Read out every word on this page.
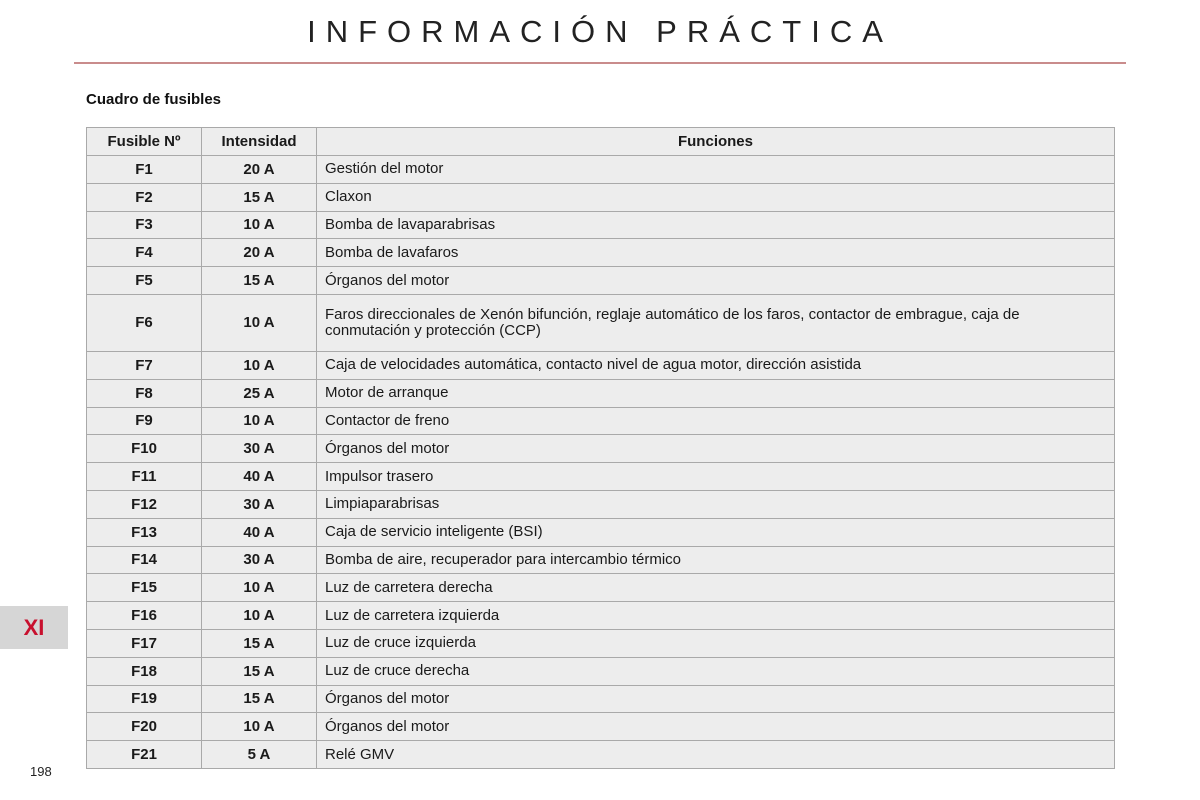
INFORMACIÓN PRÁCTICA
Cuadro de fusibles
Fusible Nº	Intensidad	Funciones
F1	20 A	Gestión del motor
F2	15 A	Claxon
F3	10 A	Bomba de lavaparabrisas
F4	20 A	Bomba de lavafaros
F5	15 A	Órganos del motor
F6	10 A	Faros direccionales de Xenón bifunción, reglaje automático de los faros, contactor de embrague, caja de conmutación y protección (CCP)
F7	10 A	Caja de velocidades automática, contacto nivel de agua motor, dirección asistida
F8	25 A	Motor de arranque
F9	10 A	Contactor de freno
F10	30 A	Órganos del motor
F11	40 A	Impulsor trasero
F12	30 A	Limpiaparabrisas
F13	40 A	Caja de servicio inteligente (BSI)
F14	30 A	Bomba de aire, recuperador para intercambio térmico
F15	10 A	Luz de carretera derecha
F16	10 A	Luz de carretera izquierda
F17	15 A	Luz de cruce izquierda
F18	15 A	Luz de cruce derecha
F19	15 A	Órganos del motor
F20	10 A	Órganos del motor
F21	5 A	Relé GMV
XI
198
